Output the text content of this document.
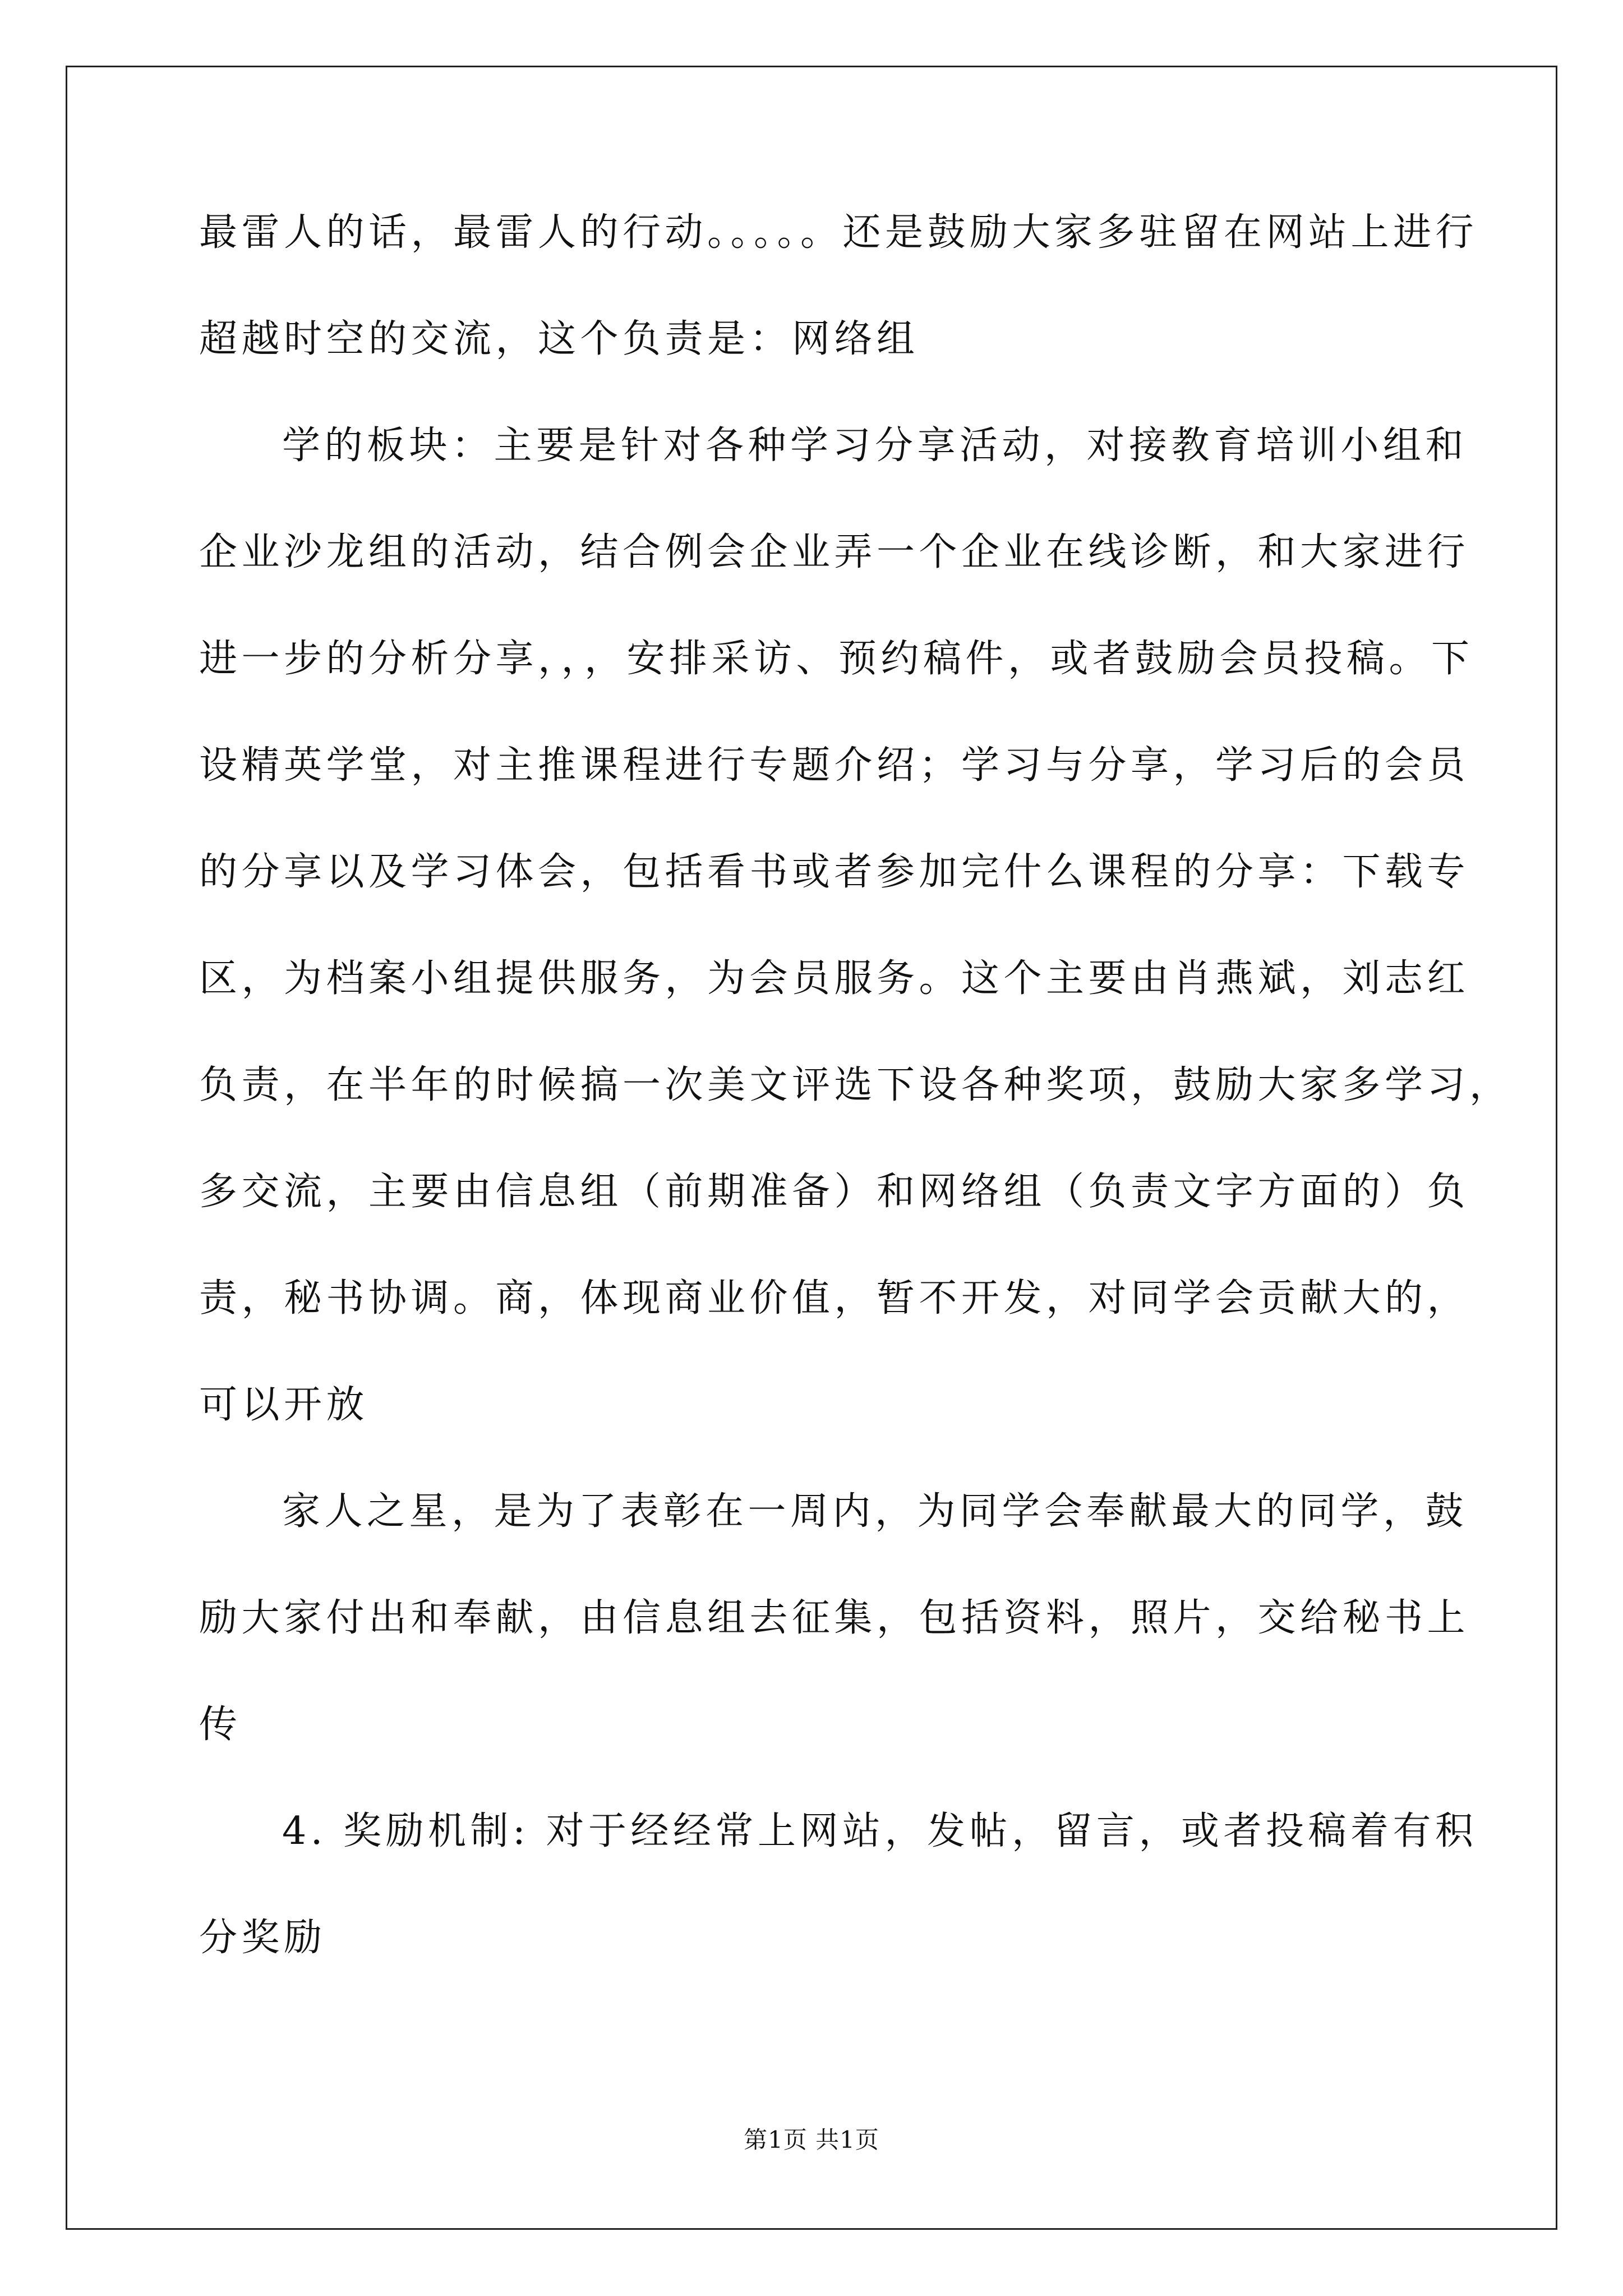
最雷人的话，最雷人的行动。。。。。还是鼓励大家多驻留在网站上进行
超越时空的交流，这个负责是：网络组
学的板块：主要是针对各种学习分享活动，对接教育培训小组和
企业沙龙组的活动，结合例会企业弄一个企业在线诊断，和大家进行
进一步的分析分享，，，安排采访、预约稿件，或者鼓励会员投稿。下
设精英学堂，对主推课程进行专题介绍；学习与分享，学习后的会员
的分享以及学习体会，包括看书或者参加完什么课程的分享：下载专
区，为档案小组提供服务，为会员服务。这个主要由肖燕斌，刘志红
负责，在半年的时候搞一次美文评选下设各种奖项，鼓励大家多学习，
多交流，主要由信息组（前期准备）和网络组（负责文字方面的）负
责，秘书协调。商，体现商业价值，暂不开发，对同学会贡献大的，
可以开放
家人之星，是为了表彰在一周内，为同学会奉献最大的同学，鼓
励大家付出和奉献，由信息组去征集，包括资料，照片，交给秘书上
传
4. 奖励机制: 对于经经常上网站，发帖，留言，或者投稿着有积
分奖励
第1页 共1页
